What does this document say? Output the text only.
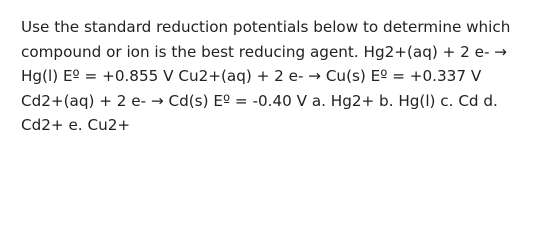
Use the standard reduction potentials below to determine which
compound or ion is the best reducing agent. Hg2+(aq) + 2 e- →
Hg(l) Eº = +0.855 V Cu2+(aq) + 2 e- → Cu(s) Eº = +0.337 V
Cd2+(aq) + 2 e- → Cd(s) Eº = -0.40 V a. Hg2+ b. Hg(l) c. Cd d.
Cd2+ e. Cu2+
